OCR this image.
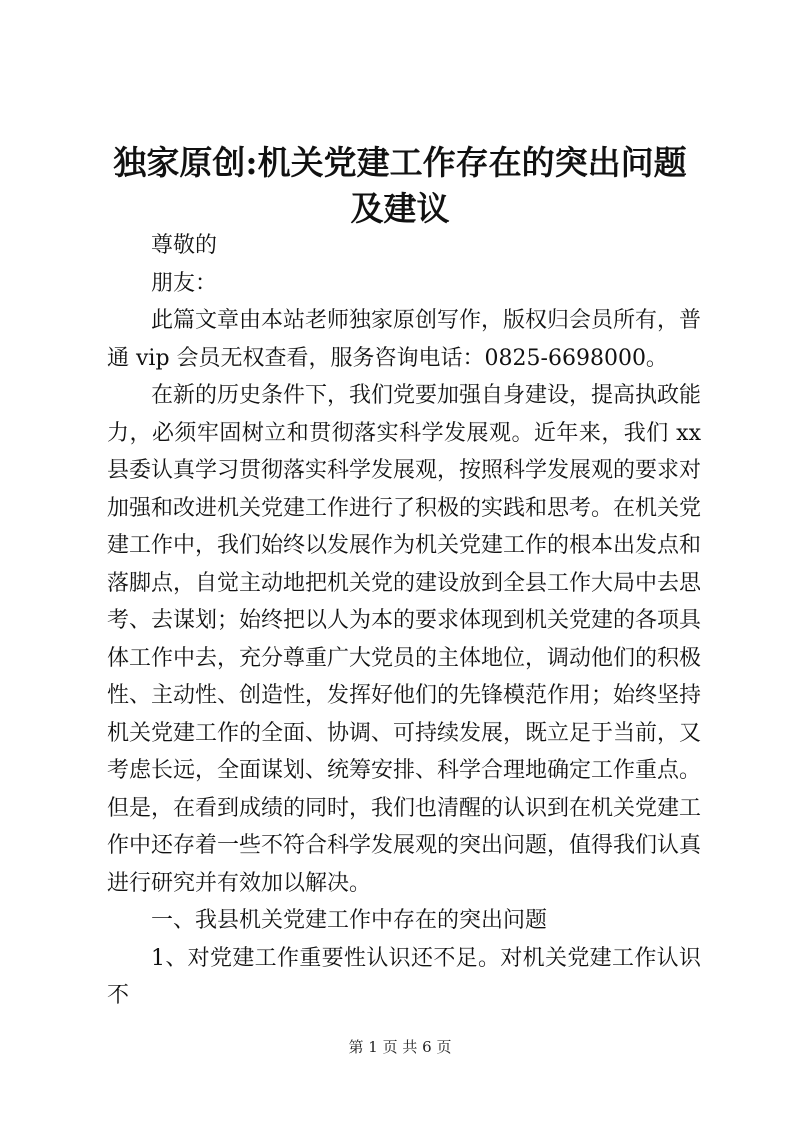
独家原创:机关党建工作存在的突出问题及建议

尊敬的

朋友：

此篇文章由本站老师独家原创写作，版权归会员所有，普通 vip 会员无权查看，服务咨询电话：0825-6698000。

在新的历史条件下，我们党要加强自身建设，提高执政能力，必须牢固树立和贯彻落实科学发展观。近年来，我们 xx 县委认真学习贯彻落实科学发展观，按照科学发展观的要求对加强和改进机关党建工作进行了积极的实践和思考。在机关党建工作中，我们始终以发展作为机关党建工作的根本出发点和落脚点，自觉主动地把机关党的建设放到全县工作大局中去思考、去谋划；始终把以人为本的要求体现到机关党建的各项具体工作中去，充分尊重广大党员的主体地位，调动他们的积极性、主动性、创造性，发挥好他们的先锋模范作用；始终坚持机关党建工作的全面、协调、可持续发展，既立足于当前，又考虑长远，全面谋划、统筹安排、科学合理地确定工作重点。但是，在看到成绩的同时，我们也清醒的认识到在机关党建工作中还存着一些不符合科学发展观的突出问题，值得我们认真进行研究并有效加以解决。

一、我县机关党建工作中存在的突出问题

1、对党建工作重要性认识还不足。对机关党建工作认识不

第 1 页 共 6 页
